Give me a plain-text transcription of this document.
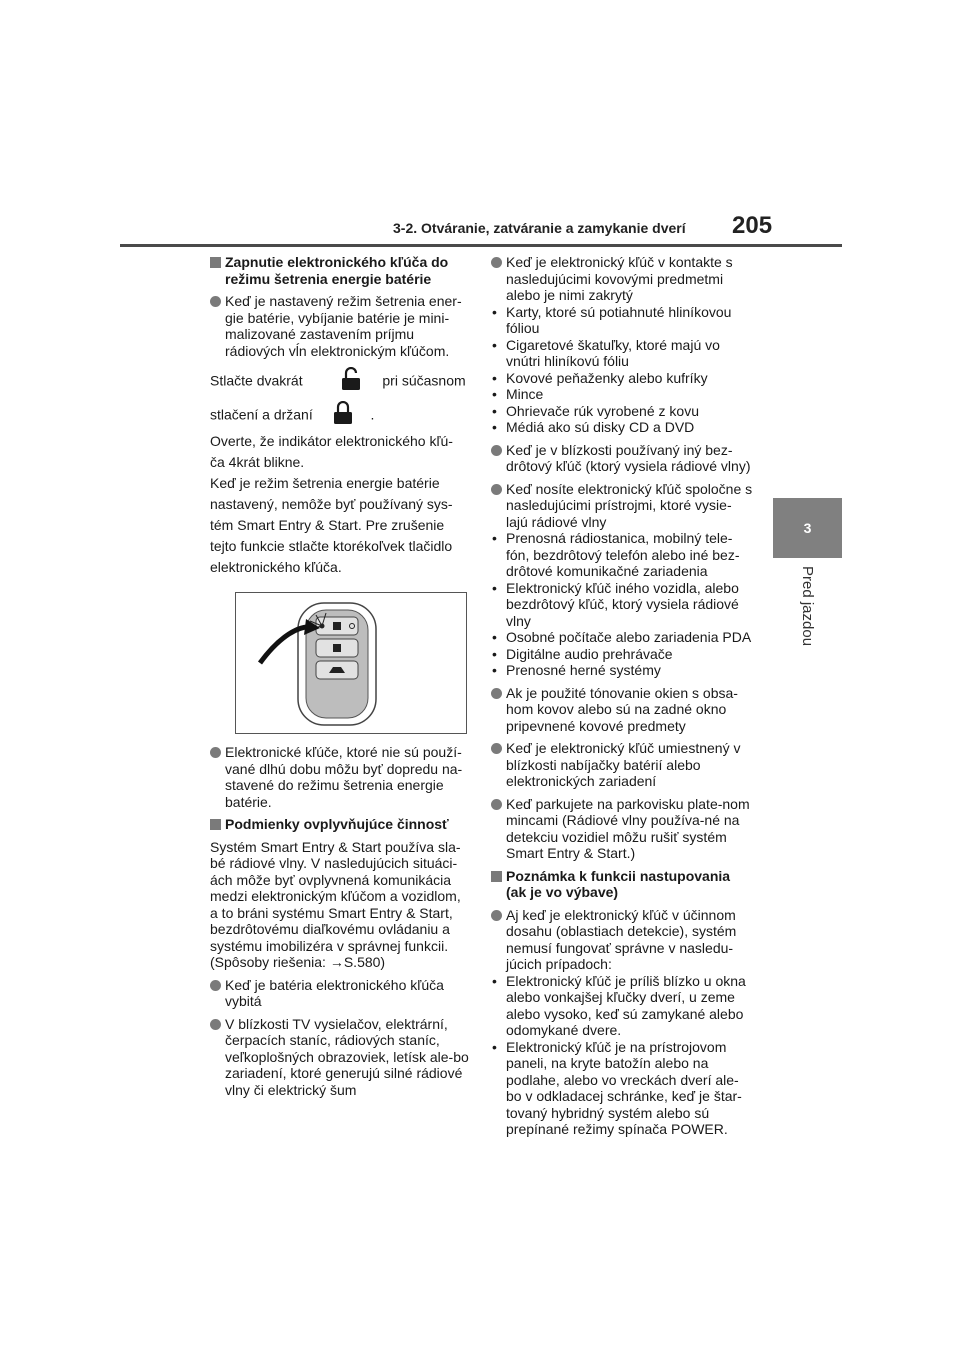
3-2. Otváranie, zatváranie a zamykanie dverí 205
3
Pred jazdou
Zapnutie elektronického kľúča do režimu šetrenia energie batérie
Keď je nastavený režim šetrenia ener-gie batérie, vybíjanie batérie je mini-malizované zastavením príjmu rádiových vĺn elektronickým kľúčom.
Stlačte dvakrát	pri súčasnom
stlačení a držaní	.
Overte, že indikátor elektronického kľú-
ča 4krát blikne.
Keď je režim šetrenia energie batérie
nastavený, nemôže byť používaný sys-
tém Smart Entry & Start. Pre zrušenie
tejto funkcie stlačte ktorékoľvek tlačidlo
elektronického kľúča.
Elektronické kľúče, ktoré nie sú použí-vané dlhú dobu môžu byť dopredu na-stavené do režimu šetrenia energie batérie.
Podmienky ovplyvňujúce činnosť
Systém Smart Entry & Start používa sla-bé rádiové vlny. V nasledujúcich situáci-ách môže byť ovplyvnená komunikácia medzi elektronickým kľúčom a vozidlom, a to bráni systému Smart Entry & Start, bezdrôtovému diaľkovému ovládaniu a systému imobilizéra v správnej funkcii. (Spôsoby riešenia: →S.580)
Keď je batéria elektronického kľúča vybitá
V blízkosti TV vysielačov, elektrární, čerpacích staníc, rádiových staníc, veľkoplošných obrazoviek, letísk ale-bo zariadení, ktoré generujú silné rádiové vlny či elektrický šum
Keď je elektronický kľúč v kontakte s nasledujúcimi kovovými predmetmi alebo je nimi zakrytý
• Karty, ktoré sú potiahnuté hliníkovou fóliou
• Cigaretové škatuľky, ktoré majú vo vnútri hliníkovú fóliu
• Kovové peňaženky alebo kufríky
• Mince
• Ohrievače rúk vyrobené z kovu
• Médiá ako sú disky CD a DVD
Keď je v blízkosti používaný iný bez-drôtový kľúč (ktorý vysiela rádiové vlny)
Keď nosíte elektronický kľúč spoločne s nasledujúcimi prístrojmi, ktoré vysie-lajú rádiové vlny
• Prenosná rádiostanica, mobilný tele-fón, bezdrôtový telefón alebo iné bez-drôtové komunikačné zariadenia
• Elektronický kľúč iného vozidla, alebo bezdrôtový kľúč, ktorý vysiela rádiové vlny
• Osobné počítače alebo zariadenia PDA
• Digitálne audio prehrávače
• Prenosné herné systémy
Ak je použité tónovanie okien s obsa-hom kovov alebo sú na zadné okno pripevnené kovové predmety
Keď je elektronický kľúč umiestnený v blízkosti nabíjačky batérií alebo elektronických zariadení
Keď parkujete na parkovisku plate-nom mincami (Rádiové vlny používa-né na detekciu vozidiel môžu rušiť systém Smart Entry & Start.)
Poznámka k funkcii nastupovania (ak je vo výbave)
Aj keď je elektronický kľúč v účinnom dosahu (oblastiach detekcie), systém nemusí fungovať správne v nasledu-júcich prípadoch:
• Elektronický kľúč je príliš blízko u okna alebo vonkajšej kľučky dverí, u zeme alebo vysoko, keď sú zamykané alebo odomykané dvere.
• Elektronický kľúč je na prístrojovom paneli, na kryte batožín alebo na podlahe, alebo vo vreckách dverí ale-bo v odkladacej schránke, keď je štar-tovaný hybridný systém alebo sú prepínané režimy spínača POWER.
